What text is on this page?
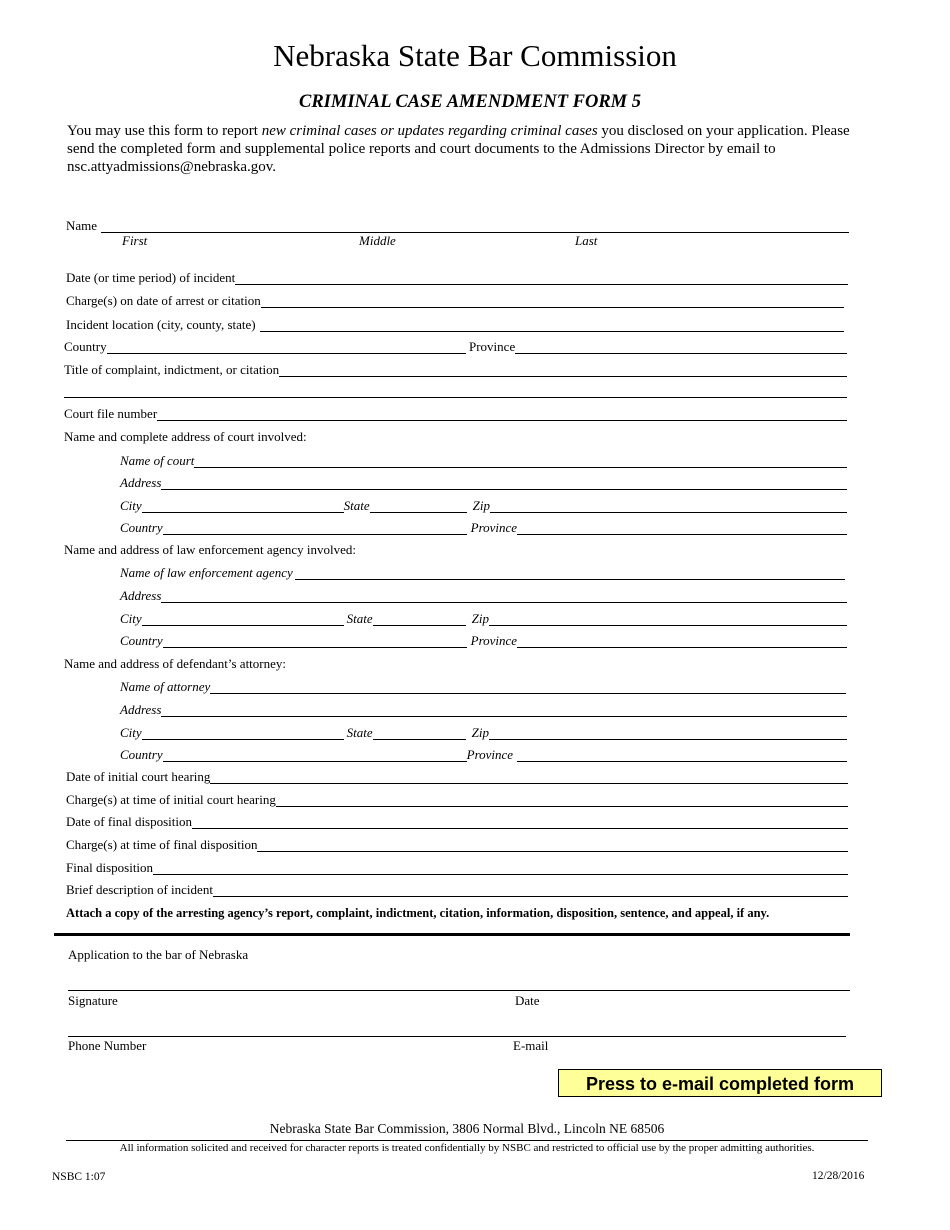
Nebraska State Bar Commission
CRIMINAL CASE AMENDMENT FORM 5
You may use this form to report new criminal cases or updates regarding criminal cases you disclosed on your application. Please send the completed form and supplemental police reports and court documents to the Admissions Director by email to nsc.attyadmissions@nebraska.gov.
Name
First	Middle	Last
Date (or time period) of incident
Charge(s) on date of arrest or citation
Incident location (city, county, state)
Country	Province
Title of complaint, indictment, or citation
Court file number
Name and complete address of court involved:
Name of court
Address
City	State	Zip
Country	Province
Name and address of law enforcement agency involved:
Name of law enforcement agency
Address
City	State	Zip
Country	Province
Name and address of defendant’s attorney:
Name of attorney
Address
City	State	Zip
Country	Province
Date of initial court hearing
Charge(s) at time of initial court hearing
Date of final disposition
Charge(s) at time of final disposition
Final disposition
Brief description of incident
Attach a copy of the arresting agency’s report, complaint, indictment, citation, information, disposition, sentence, and appeal, if any.
Application to the bar of Nebraska
Signature	Date
Phone Number	E-mail
Press to e-mail completed form
Nebraska State Bar Commission, 3806 Normal Blvd., Lincoln NE 68506
All information solicited and received for character reports is treated confidentially by NSBC and restricted to official use by the proper admitting authorities.
NSBC 1:07	12/28/2016
